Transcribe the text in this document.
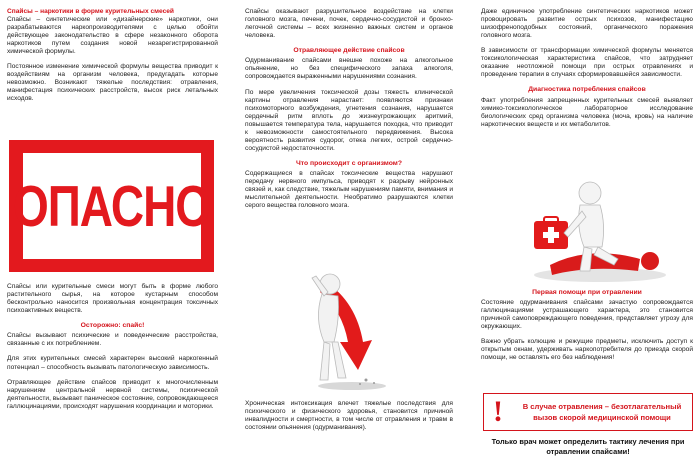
Спайсы – наркотики в форме курительных смесей
Спайсы – синтетические или «дизайнерские» наркотики, они разрабатываются наркопроизводителями с целью обойти действующее законодательство в сфере незаконного оборота наркотиков путем создания новой незарегистрированной химической формулы.

Постоянное изменение химической формулы вещества приводит к воздействиям на организм человека, предугадать которые невозможно. Возникают тяжелые последствия: отравления, манифестация психических расстройств, высок риск летальных исходов.

ОПАСНО

Спайсы или курительные смеси могут быть в форме любого растительного сырья, на которое кустарным способом бесконтрольно наносится произвольная концентрация токсичных психоактивных веществ.

Осторожно: спайс!

Спайсы вызывают психические и поведенческие расстройства, связанные с их потреблением.

Для этих курительных смесей характерен высокий наркогенный потенциал – способность вызывать патологическую зависимость.

Отравляющее действие спайсов приводит к многочисленным нарушениям центральной нервной системы, психической деятельности, вызывает паническое состояние, сопровождающееся галлюцинациями, происходят нарушения координации и моторики.

Спайсы оказывают разрушительное воздействие на клетки головного мозга, печени, почек, сердечно-сосудистой и бронхо-легочной системы – всех жизненно важных систем и органов человека.

Отравляющее действие спайсов

Одурманивание спайсами внешне похоже на алкогольное опьянение, но без специфического запаха алкоголя, сопровождается выраженными нарушениями сознания.

По мере увеличения токсической дозы тяжесть клинической картины отравления нарастает: появляются признаки психомоторного возбуждения, угнетения сознания, нарушается сердечный ритм вплоть до жизнеугрожающих аритмий, повышается температура тела, нарушается походка, что приводит к невозможности самостоятельного передвижения. Высока вероятность развития судорог, отека легких, острой сердечно-сосудистой недостаточности.

Что происходит с организмом?

Содержащиеся в спайсах токсические вещества нарушают передачу нервного импульса, приводят к разрыву нейронных связей и, как следствие, тяжелым нарушениям памяти, внимания и мыслительной деятельности. Необратимо разрушаются клетки серого вещества головного мозга.

Хроническая интоксикация влечет тяжелые последствия для психического и физического здоровья, становится причиной инвалидности и смертности, в том числе от отравления и травм в состоянии опьянения (одурманивания).

Даже единичное употребление синтетических наркотиков может провоцировать развитие острых психозов, манифестацию шизофреноподобных состояний, органического поражения головного мозга.

В зависимости от трансформации химической формулы меняется токсикологическая характеристика спайсов, что затрудняет оказание неотложной помощи при острых отравлениях и проведение терапии в случаях сформировавшейся зависимости.

Диагностика потребления спайсов

Факт употребления запрещенных курительных смесей выявляет химико-токсикологическое лабораторное исследование биологических сред организма человека (моча, кровь) на наличие наркотических веществ и их метаболитов.

Первая помощи при отравлении

Состояние одурманивания спайсами зачастую сопровождается галлюцинациями устрашающего характера, это становится причиной самоповреждающего поведения, представляет угрозу для окружающих.

Важно убрать колющие и режущие предметы, исключить доступ к открытым окнам, удерживать наркопотребителя до приезда скорой помощи, не оставлять его без наблюдения!

!	В случае отравления – безотлагательный вызов скорой медицинской помощи
Только врач может определить тактику лечения при отравлении спайсами!
